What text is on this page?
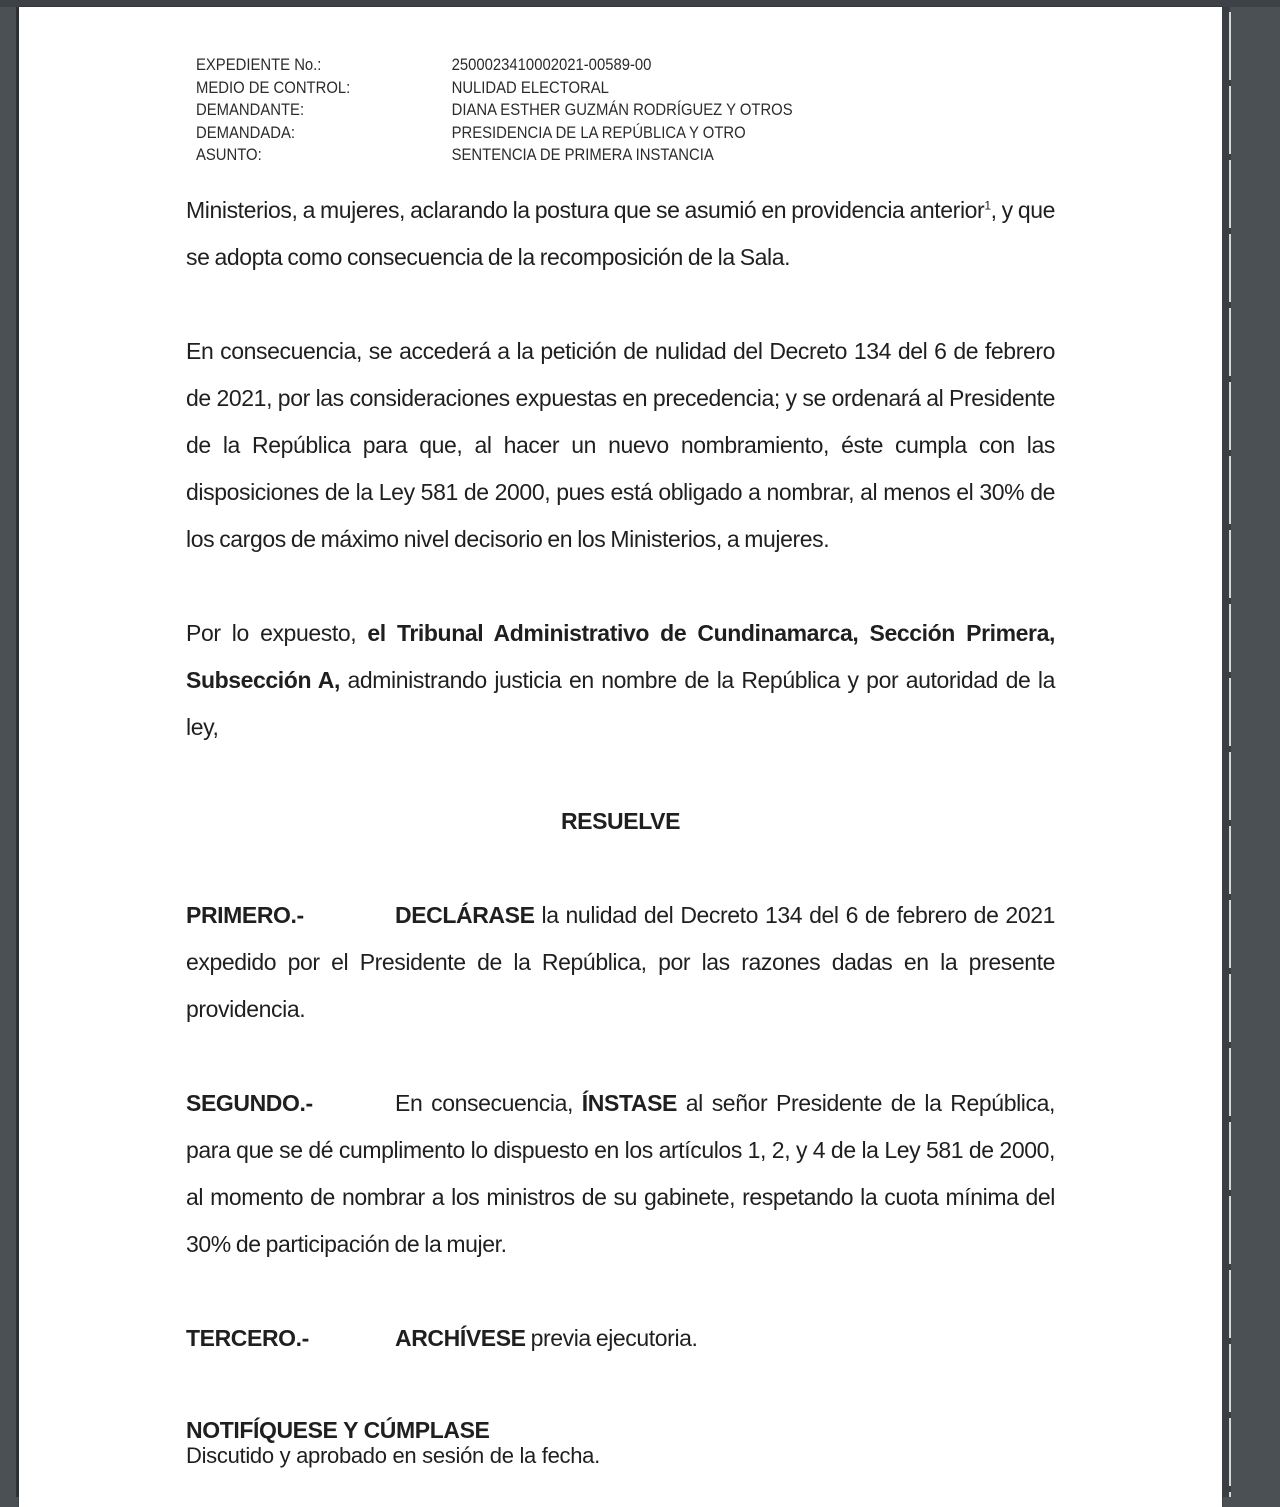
EXPEDIENTE No.:	2500023410002021-00589-00
MEDIO DE CONTROL:	NULIDAD ELECTORAL
DEMANDANTE:	DIANA ESTHER GUZMÁN RODRÍGUEZ Y OTROS
DEMANDADA:	PRESIDENCIA DE LA REPÚBLICA Y OTRO
ASUNTO:	SENTENCIA DE PRIMERA INSTANCIA

Ministerios, a mujeres, aclarando la postura que se asumió en providencia anterior$^1$, y que se adopta como consecuencia de la recomposición de la Sala.

En consecuencia, se accederá a la petición de nulidad del Decreto 134 del 6 de febrero de 2021, por las consideraciones expuestas en precedencia; y se ordenará al Presidente de la República para que, al hacer un nuevo nombramiento, éste cumpla con las disposiciones de la Ley 581 de 2000, pues está obligado a nombrar, al menos el 30% de los cargos de máximo nivel decisorio en los Ministerios, a mujeres.

Por lo expuesto, el Tribunal Administrativo de Cundinamarca, Sección Primera, Subsección A, administrando justicia en nombre de la República y por autoridad de la ley,

RESUELVE

PRIMERO.-	DECLÁRASE la nulidad del Decreto 134 del 6 de febrero de 2021 expedido por el Presidente de la República, por las razones dadas en la presente providencia.

SEGUNDO.-	En consecuencia, ÍNSTASE al señor Presidente de la República, para que se dé cumplimento lo dispuesto en los artículos 1, 2, y 4 de la Ley 581 de 2000, al momento de nombrar a los ministros de su gabinete, respetando la cuota mínima del 30% de participación de la mujer.

TERCERO.-	ARCHÍVESE previa ejecutoria.

NOTIFÍQUESE Y CÚMPLASE

Discutido y aprobado en sesión de la fecha.
